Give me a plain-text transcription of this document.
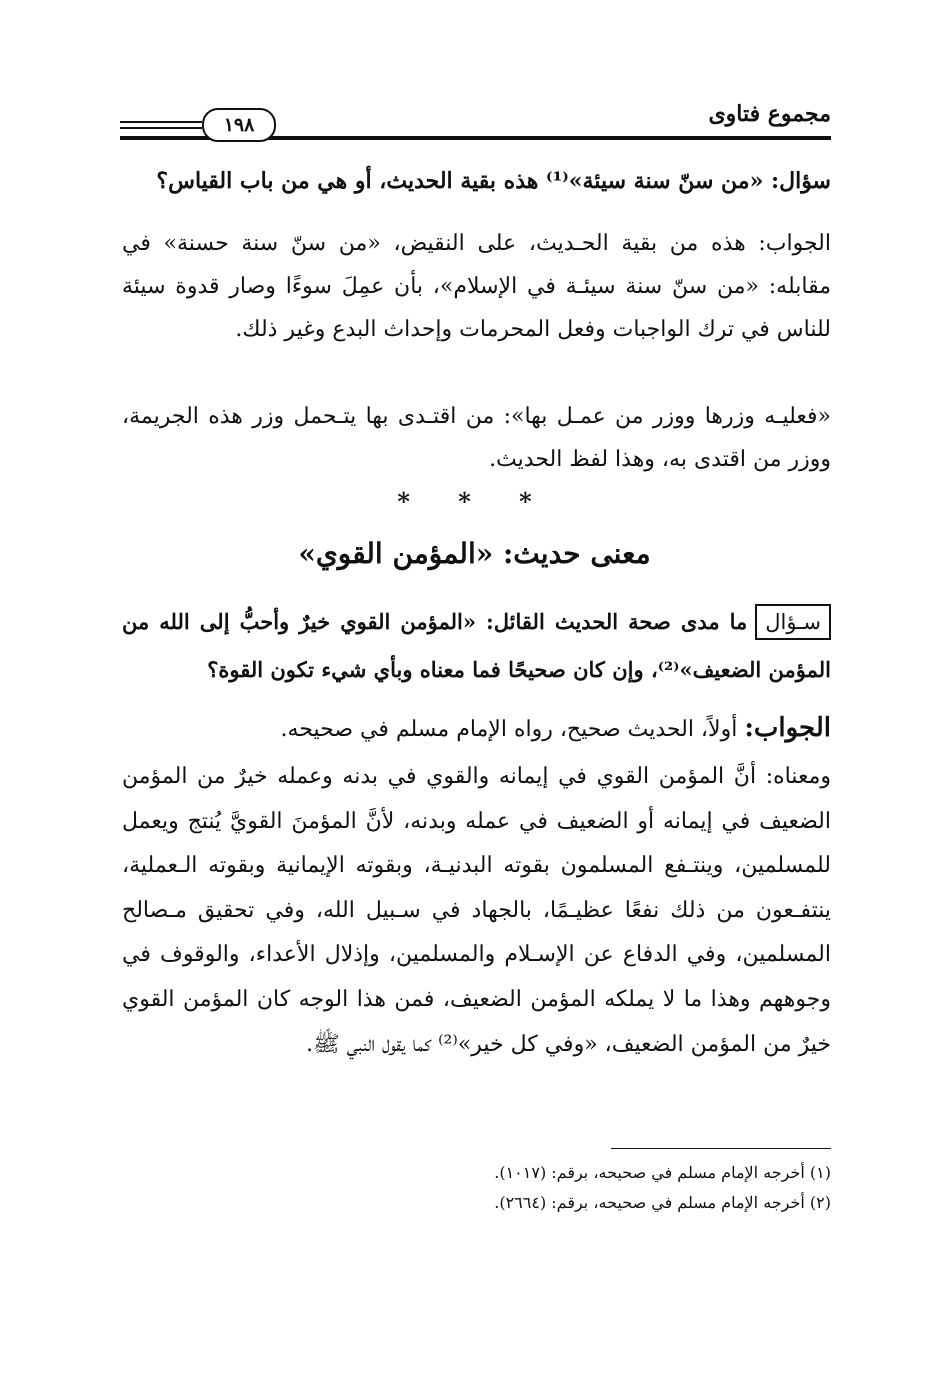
مجموع فتاوى
١٩٨
سؤال: «من سنّ سنة سيئة»⁽¹⁾ هذه بقية الحديث، أو هي من باب القياس؟
الجواب: هذه من بقية الحـديث، على النقيض، «من سنّ سنة حسنة» في مقابله: «من سنّ سنة سيئـة في الإسلام»، بأن عمِلَ سوءًا وصار قدوة سيئة للناس في ترك الواجبات وفعل المحرمات وإحداث البدع وغير ذلك.
«فعليـه وزرها ووزر من عمـل بها»: من اقتـدى بها يتـحمل وزر هذه الجريمة، ووزر من اقتدى به، وهذا لفظ الحديث.
* * *
معنى حديث: «المؤمن القوي»
سـؤالما مدى صحة الحديث القائل: «المؤمن القوي خيرٌ وأحبُّ إلى الله من المؤمن الضعيف»⁽²⁾، وإن كان صحيحًا فما معناه وبأي شيء تكون القوة؟
الجواب: أولاً، الحديث صحيح، رواه الإمام مسلم في صحيحه.
ومعناه: أنَّ المؤمن القوي في إيمانه والقوي في بدنه وعمله خيرٌ من المؤمن الضعيف في إيمانه أو الضعيف في عمله وبدنه، لأنَّ المؤمنَ القويَّ يُنتج ويعمل للمسلمين، وينتـفع المسلمون بقوته البدنيـة، وبقوته الإيمانية وبقوته الـعملية، ينتفـعون من ذلك نفعًا عظيـمًا، بالجهاد في سـبيل الله، وفي تحقيق مـصالح المسلمين، وفي الدفاع عن الإسـلام والمسلمين، وإذلال الأعداء، والوقوف في وجوههم وهذا ما لا يملكه المؤمن الضعيف، فمن هذا الوجه كان المؤمن القوي خيرٌ من المؤمن الضعيف، «وفي كل خير»⁽²⁾ كما يقول النبي ﷺ.
(١) أخرجه الإمام مسلم في صحيحه، برقم: (١٠١٧).
(٢) أخرجه الإمام مسلم في صحيحه، برقم: (٢٦٦٤).
